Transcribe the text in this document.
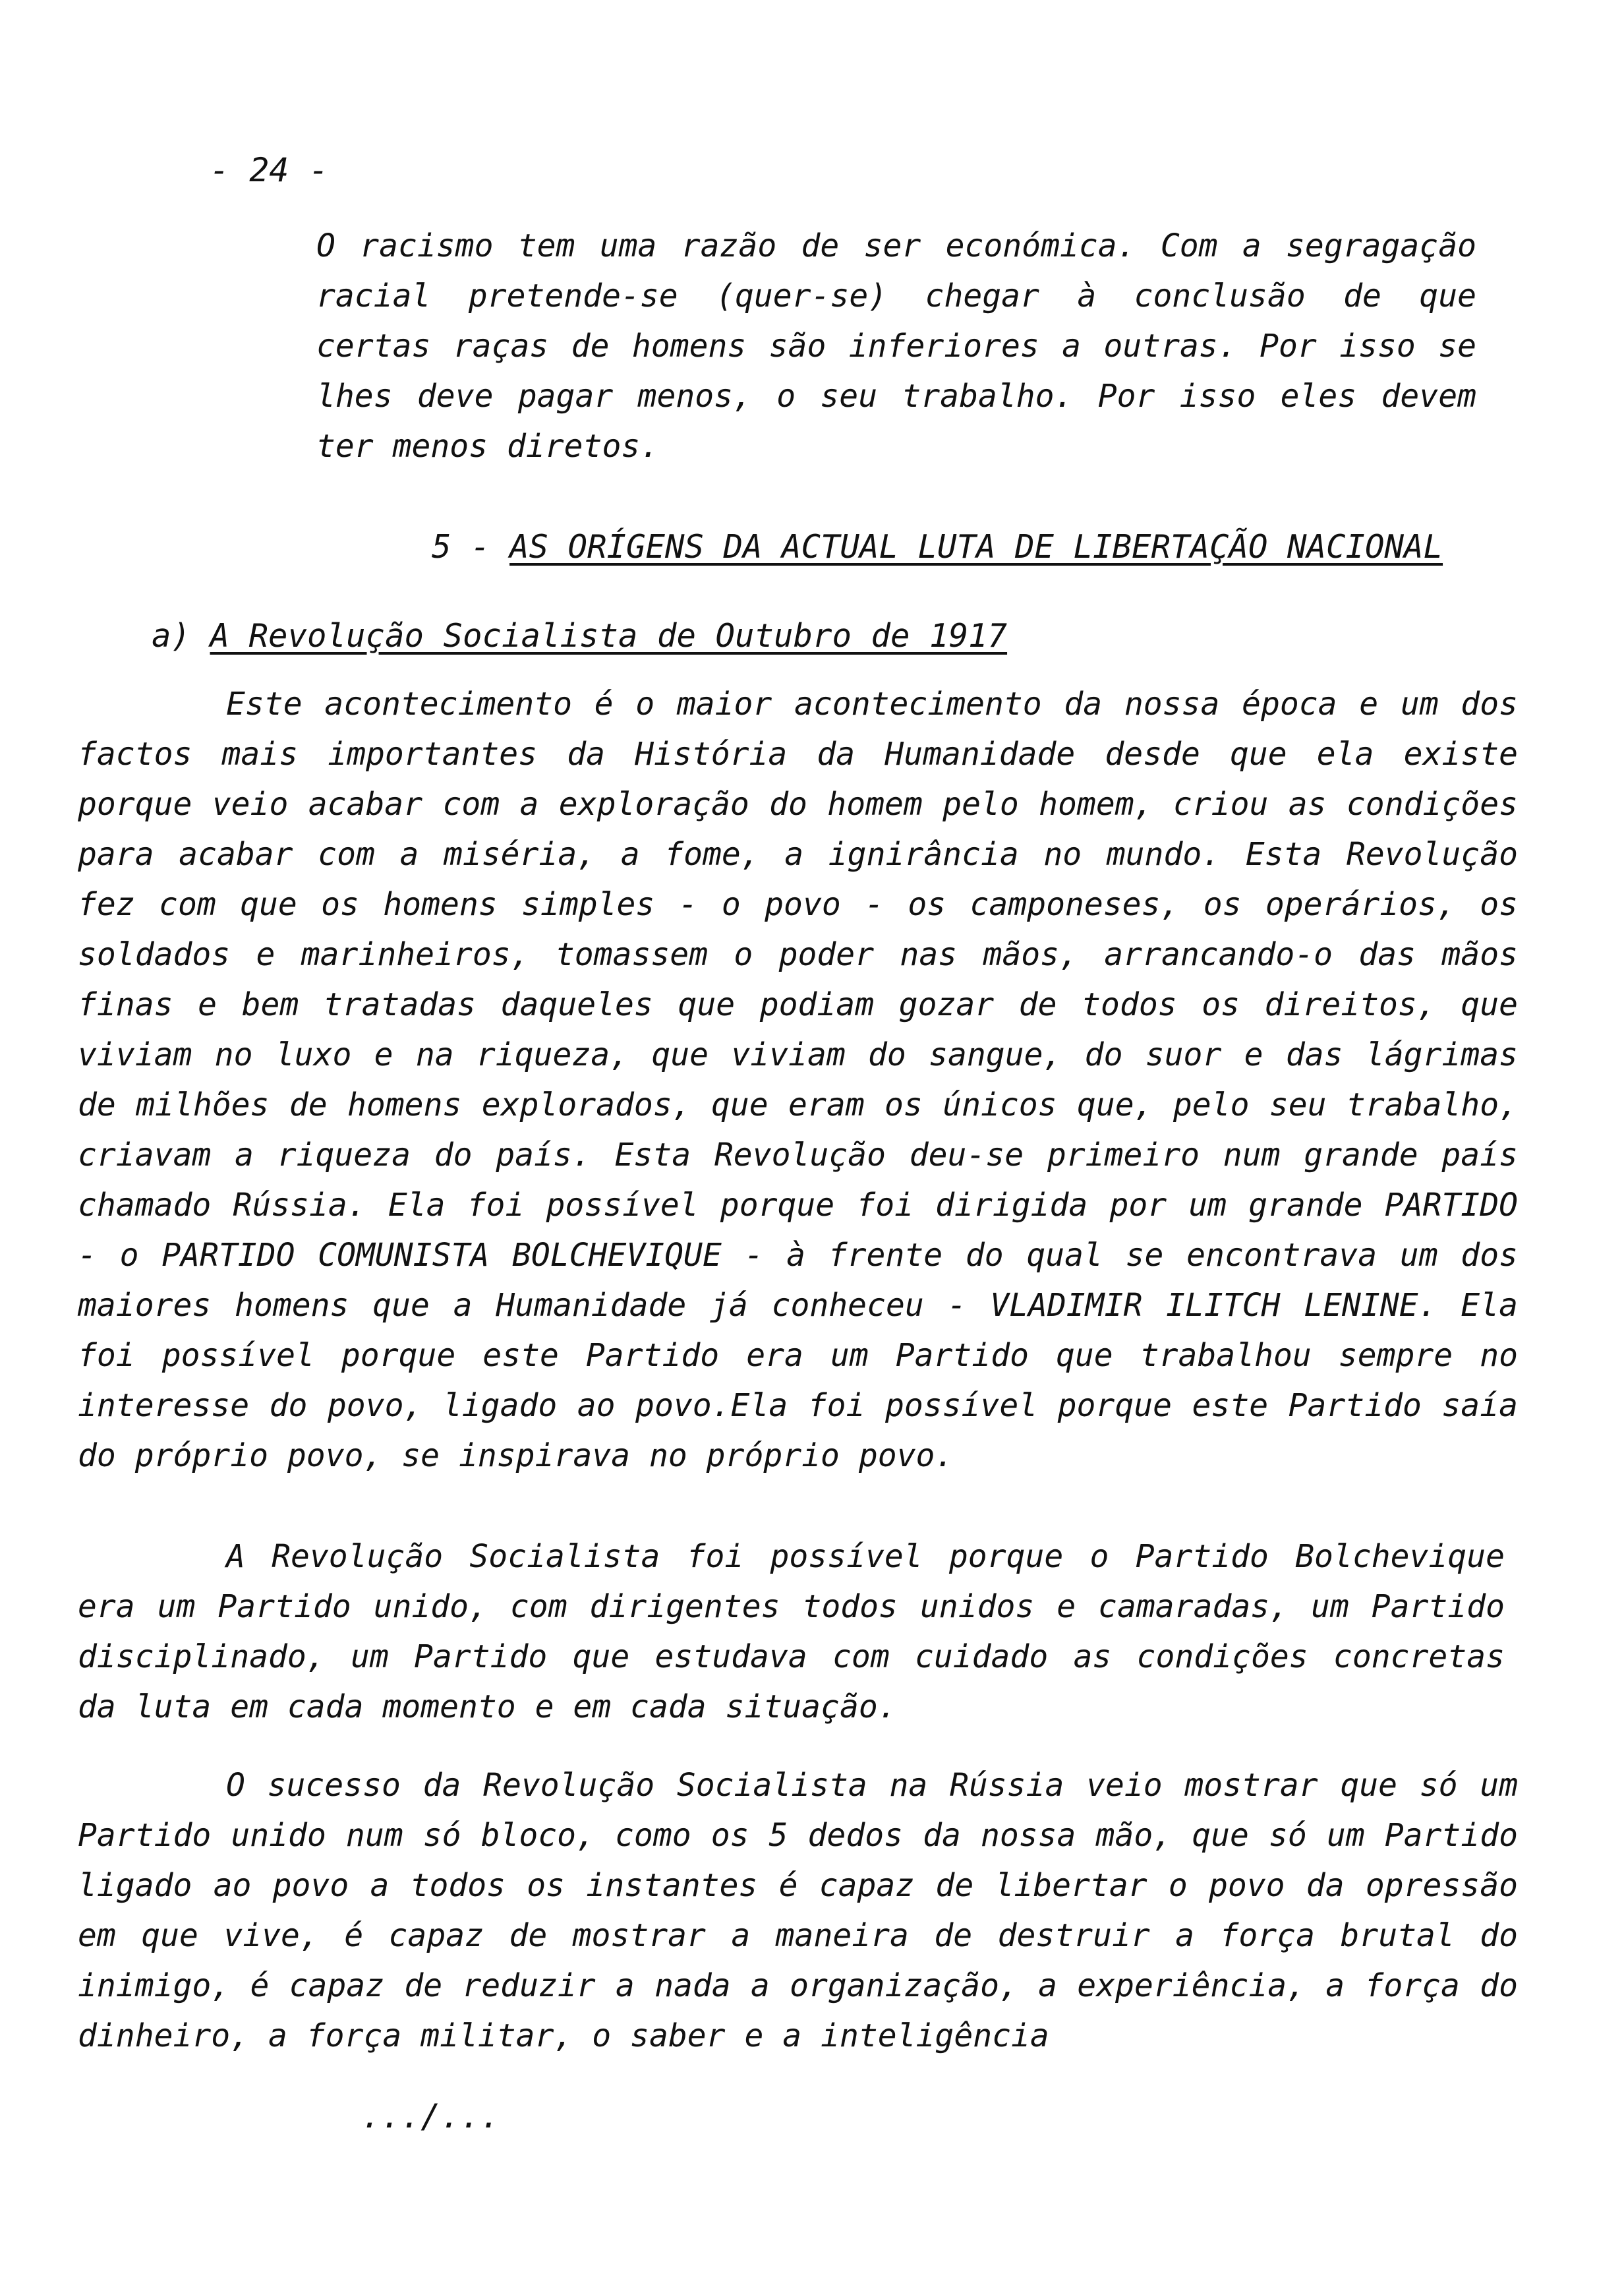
- 24 -

O racismo tem uma razão de ser económica. Com a segragação racial pretende-se (quer-se) chegar à conclusão de que certas raças de homens são inferiores a outras. Por isso se lhes deve pagar menos, o seu trabalho. Por isso eles devem ter menos diretos.

5 - AS ORÍGENS DA ACTUAL LUTA DE LIBERTAÇÃO NACIONAL
a) A Revolução Socialista de Outubro de 1917

Este acontecimento é o maior acontecimento da nossa época e um dos factos mais importantes da História da Humanidade desde que ela existe porque veio acabar com a exploração do homem pelo homem, criou as condições para acabar com a miséria, a fome, a ignirância no mundo. Esta Revolução fez com que os homens simples - o povo - os camponeses, os operários, os soldados e marinheiros, tomassem o poder nas mãos, arrancando-o das mãos finas e bem tratadas daqueles que podiam gozar de todos os direitos, que viviam no luxo e na riqueza, que viviam do sangue, do suor e das lágrimas de milhões de homens explorados, que eram os únicos que, pelo seu trabalho, criavam a riqueza do país. Esta Revolução deu-se primeiro num grande país chamado Rússia. Ela foi possível porque foi dirigida por um grande PARTIDO - o PARTIDO COMUNISTA BOLCHEVIQUE - à frente do qual se encontrava um dos maiores homens que a Humanidade já conheceu - VLADIMIR ILITCH LENINE. Ela foi possível porque este Partido era um Partido que trabalhou sempre no interesse do povo, ligado ao povo.Ela foi possível porque este Partido saía do próprio povo, se inspirava no próprio povo.

A Revolução Socialista foi possível porque o Partido Bolchevique era um Partido unido, com dirigentes todos unidos e camaradas, um Partido disciplinado, um Partido que estudava com cuidado as condições concretas da luta em cada momento e em cada situação.

O sucesso da Revolução Socialista na Rússia veio mostrar que só um Partido unido num só bloco, como os 5 dedos da nossa mão, que só um Partido ligado ao povo a todos os instantes é capaz de libertar o povo da opressão em que vive, é capaz de mostrar a maneira de destruir a força brutal do inimigo, é capaz de reduzir a nada a organização, a experiência, a força do dinheiro, a força militar, o saber e a inteligência

.../...
